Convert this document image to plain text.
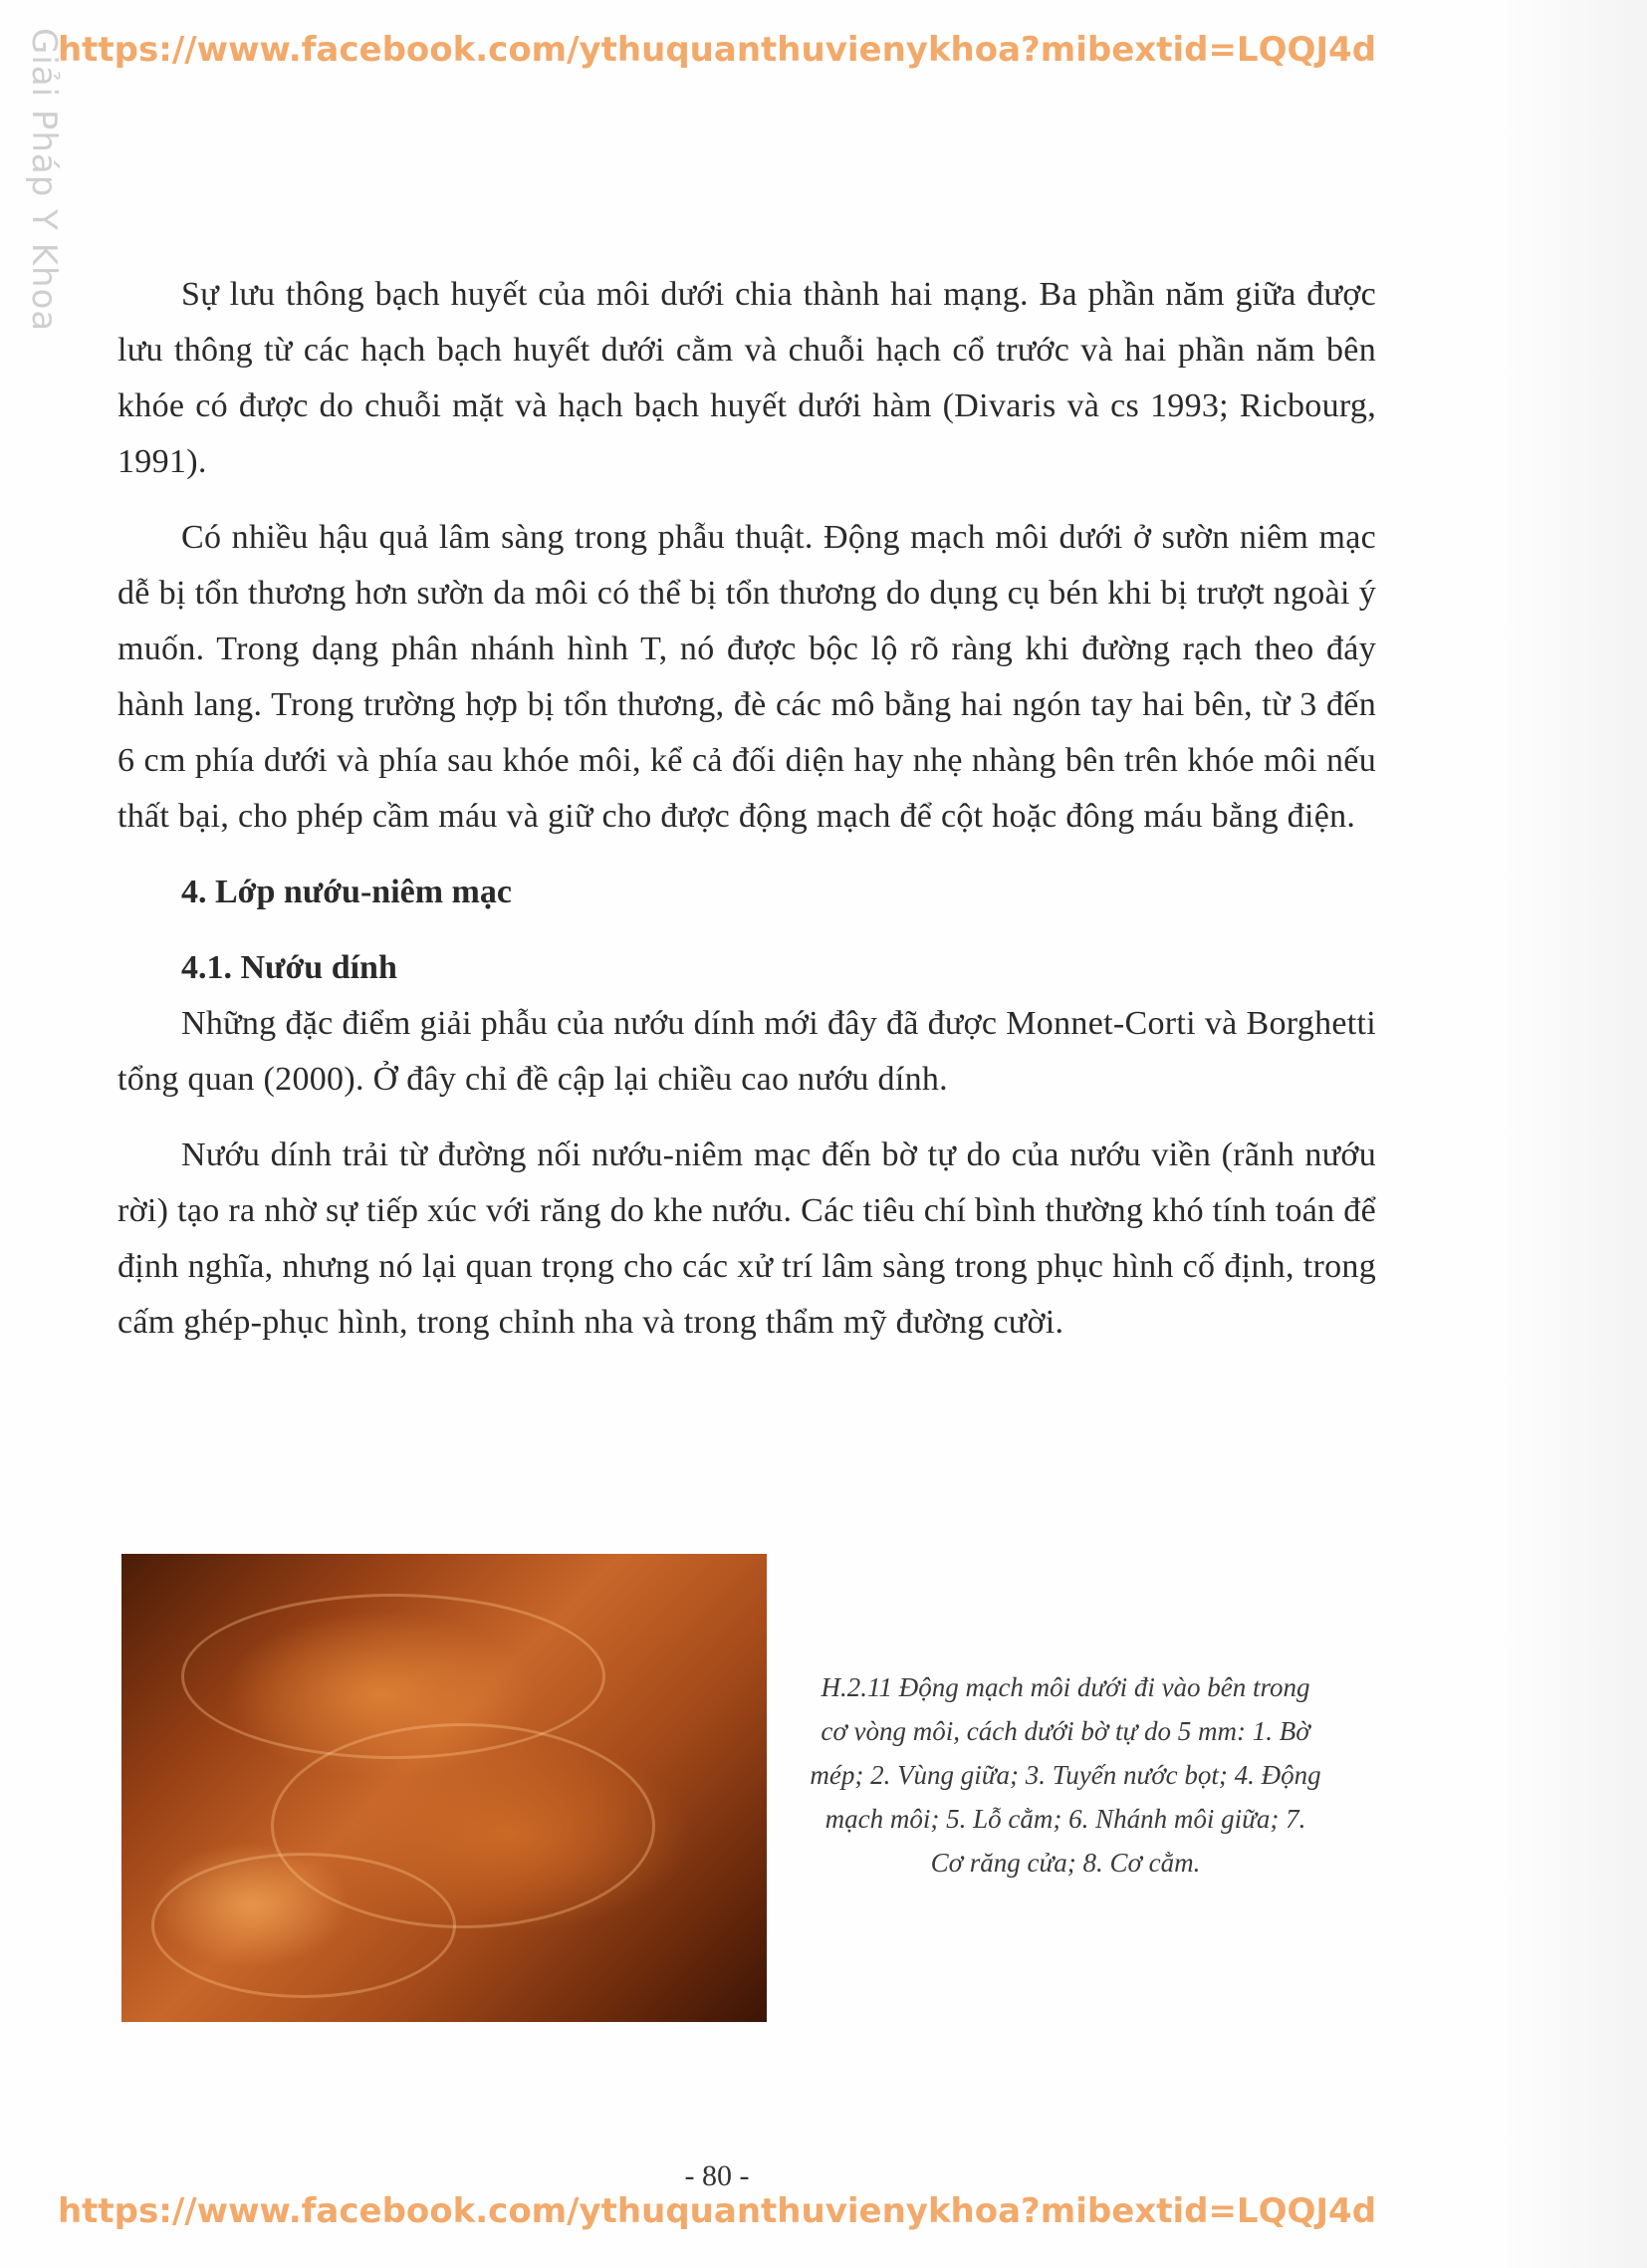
Giải Pháp Y Khoa
https://www.facebook.com/ythuquanthuvienykhoa?mibextid=LQQJ4d

Sự lưu thông bạch huyết của môi dưới chia thành hai mạng. Ba phần năm giữa được lưu thông từ các hạch bạch huyết dưới cằm và chuỗi hạch cổ trước và hai phần năm bên khóe có được do chuỗi mặt và hạch bạch huyết dưới hàm (Divaris và cs 1993; Ricbourg, 1991).

Có nhiều hậu quả lâm sàng trong phẫu thuật. Động mạch môi dưới ở sườn niêm mạc dễ bị tổn thương hơn sườn da môi có thể bị tổn thương do dụng cụ bén khi bị trượt ngoài ý muốn. Trong dạng phân nhánh hình T, nó được bộc lộ rõ ràng khi đường rạch theo đáy hành lang. Trong trường hợp bị tổn thương, đè các mô bằng hai ngón tay hai bên, từ 3 đến 6 cm phía dưới và phía sau khóe môi, kể cả đối diện hay nhẹ nhàng bên trên khóe môi nếu thất bại, cho phép cầm máu và giữ cho được động mạch để cột hoặc đông máu bằng điện.

4. Lớp nướu-niêm mạc
4.1. Nướu dính

Những đặc điểm giải phẫu của nướu dính mới đây đã được Monnet-Corti và Borghetti tổng quan (2000). Ở đây chỉ đề cập lại chiều cao nướu dính.

Nướu dính trải từ đường nối nướu-niêm mạc đến bờ tự do của nướu viền (rãnh nướu rời) tạo ra nhờ sự tiếp xúc với răng do khe nướu. Các tiêu chí bình thường khó tính toán để định nghĩa, nhưng nó lại quan trọng cho các xử trí lâm sàng trong phục hình cố định, trong cấm ghép-phục hình, trong chỉnh nha và trong thẩm mỹ đường cười.

H.2.11 Động mạch môi dưới đi vào bên trong cơ vòng môi, cách dưới bờ tự do 5 mm: 1. Bờ mép; 2. Vùng giữa; 3. Tuyến nước bọt; 4. Động mạch môi; 5. Lỗ cằm; 6. Nhánh môi giữa; 7. Cơ răng cửa; 8. Cơ cằm.
- 80 -
https://www.facebook.com/ythuquanthuvienykhoa?mibextid=LQQJ4d
